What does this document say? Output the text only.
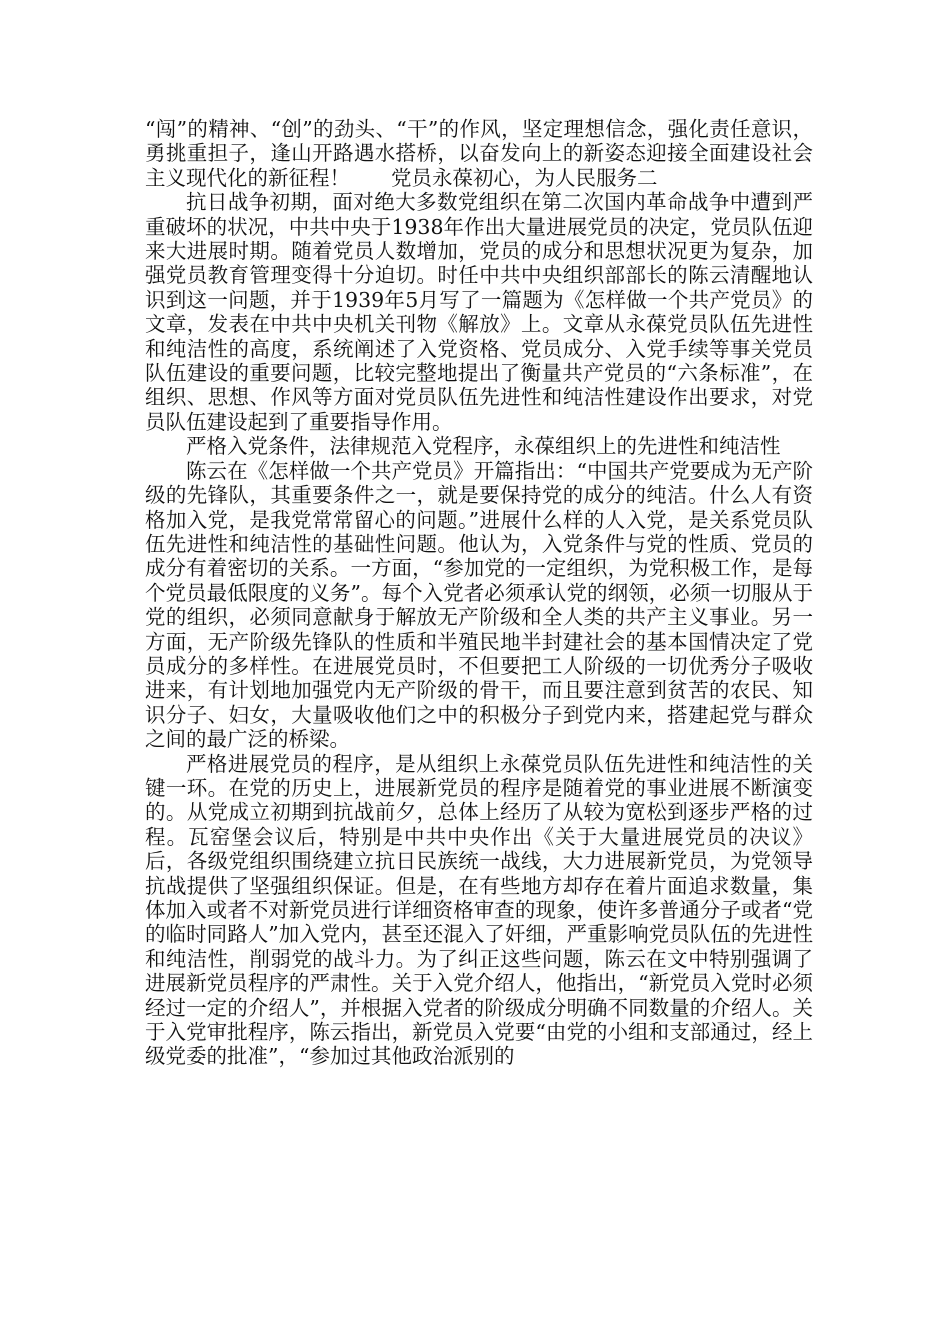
“闯”的精神、“创”的劲头、“干”的作风，坚定理想信念，强化责任意识，勇挑重担子，逢山开路遇水搭桥，以奋发向上的新姿态迎接全面建设社会主义现代化的新征程！　　党员永葆初心，为人民服务二

抗日战争初期，面对绝大多数党组织在第二次国内革命战争中遭到严重破坏的状况，中共中央于1938年作出大量进展党员的决定，党员队伍迎来大进展时期。随着党员人数增加，党员的成分和思想状况更为复杂，加强党员教育管理变得十分迫切。时任中共中央组织部部长的陈云清醒地认识到这一问题，并于1939年5月写了一篇题为《怎样做一个共产党员》的文章，发表在中共中央机关刊物《解放》上。文章从永葆党员队伍先进性和纯洁性的高度，系统阐述了入党资格、党员成分、入党手续等事关党员队伍建设的重要问题，比较完整地提出了衡量共产党员的“六条标准”，在组织、思想、作风等方面对党员队伍先进性和纯洁性建设作出要求，对党员队伍建设起到了重要指导作用。

严格入党条件，法律规范入党程序，永葆组织上的先进性和纯洁性

陈云在《怎样做一个共产党员》开篇指出：“中国共产党要成为无产阶级的先锋队，其重要条件之一，就是要保持党的成分的纯洁。什么人有资格加入党，是我党常常留心的问题。”进展什么样的人入党，是关系党员队伍先进性和纯洁性的基础性问题。他认为，入党条件与党的性质、党员的成分有着密切的关系。一方面，“参加党的一定组织，为党积极工作，是每个党员最低限度的义务”。每个入党者必须承认党的纲领，必须一切服从于党的组织，必须同意献身于解放无产阶级和全人类的共产主义事业。另一方面，无产阶级先锋队的性质和半殖民地半封建社会的基本国情决定了党员成分的多样性。在进展党员时，不但要把工人阶级的一切优秀分子吸收进来，有计划地加强党内无产阶级的骨干，而且要注意到贫苦的农民、知识分子、妇女，大量吸收他们之中的积极分子到党内来，搭建起党与群众之间的最广泛的桥梁。

严格进展党员的程序，是从组织上永葆党员队伍先进性和纯洁性的关键一环。在党的历史上，进展新党员的程序是随着党的事业进展不断演变的。从党成立初期到抗战前夕，总体上经历了从较为宽松到逐步严格的过程。瓦窑堡会议后，特别是中共中央作出《关于大量进展党员的决议》后，各级党组织围绕建立抗日民族统一战线，大力进展新党员，为党领导抗战提供了坚强组织保证。但是，在有些地方却存在着片面追求数量，集体加入或者不对新党员进行详细资格审查的现象，使许多普通分子或者“党的临时同路人”加入党内，甚至还混入了奸细，严重影响党员队伍的先进性和纯洁性，削弱党的战斗力。为了纠正这些问题，陈云在文中特别强调了进展新党员程序的严肃性。关于入党介绍人，他指出，“新党员入党时必须经过一定的介绍人”，并根据入党者的阶级成分明确不同数量的介绍人。关于入党审批程序，陈云指出，新党员入党要“由党的小组和支部通过，经上级党委的批准”，“参加过其他政治派别的
